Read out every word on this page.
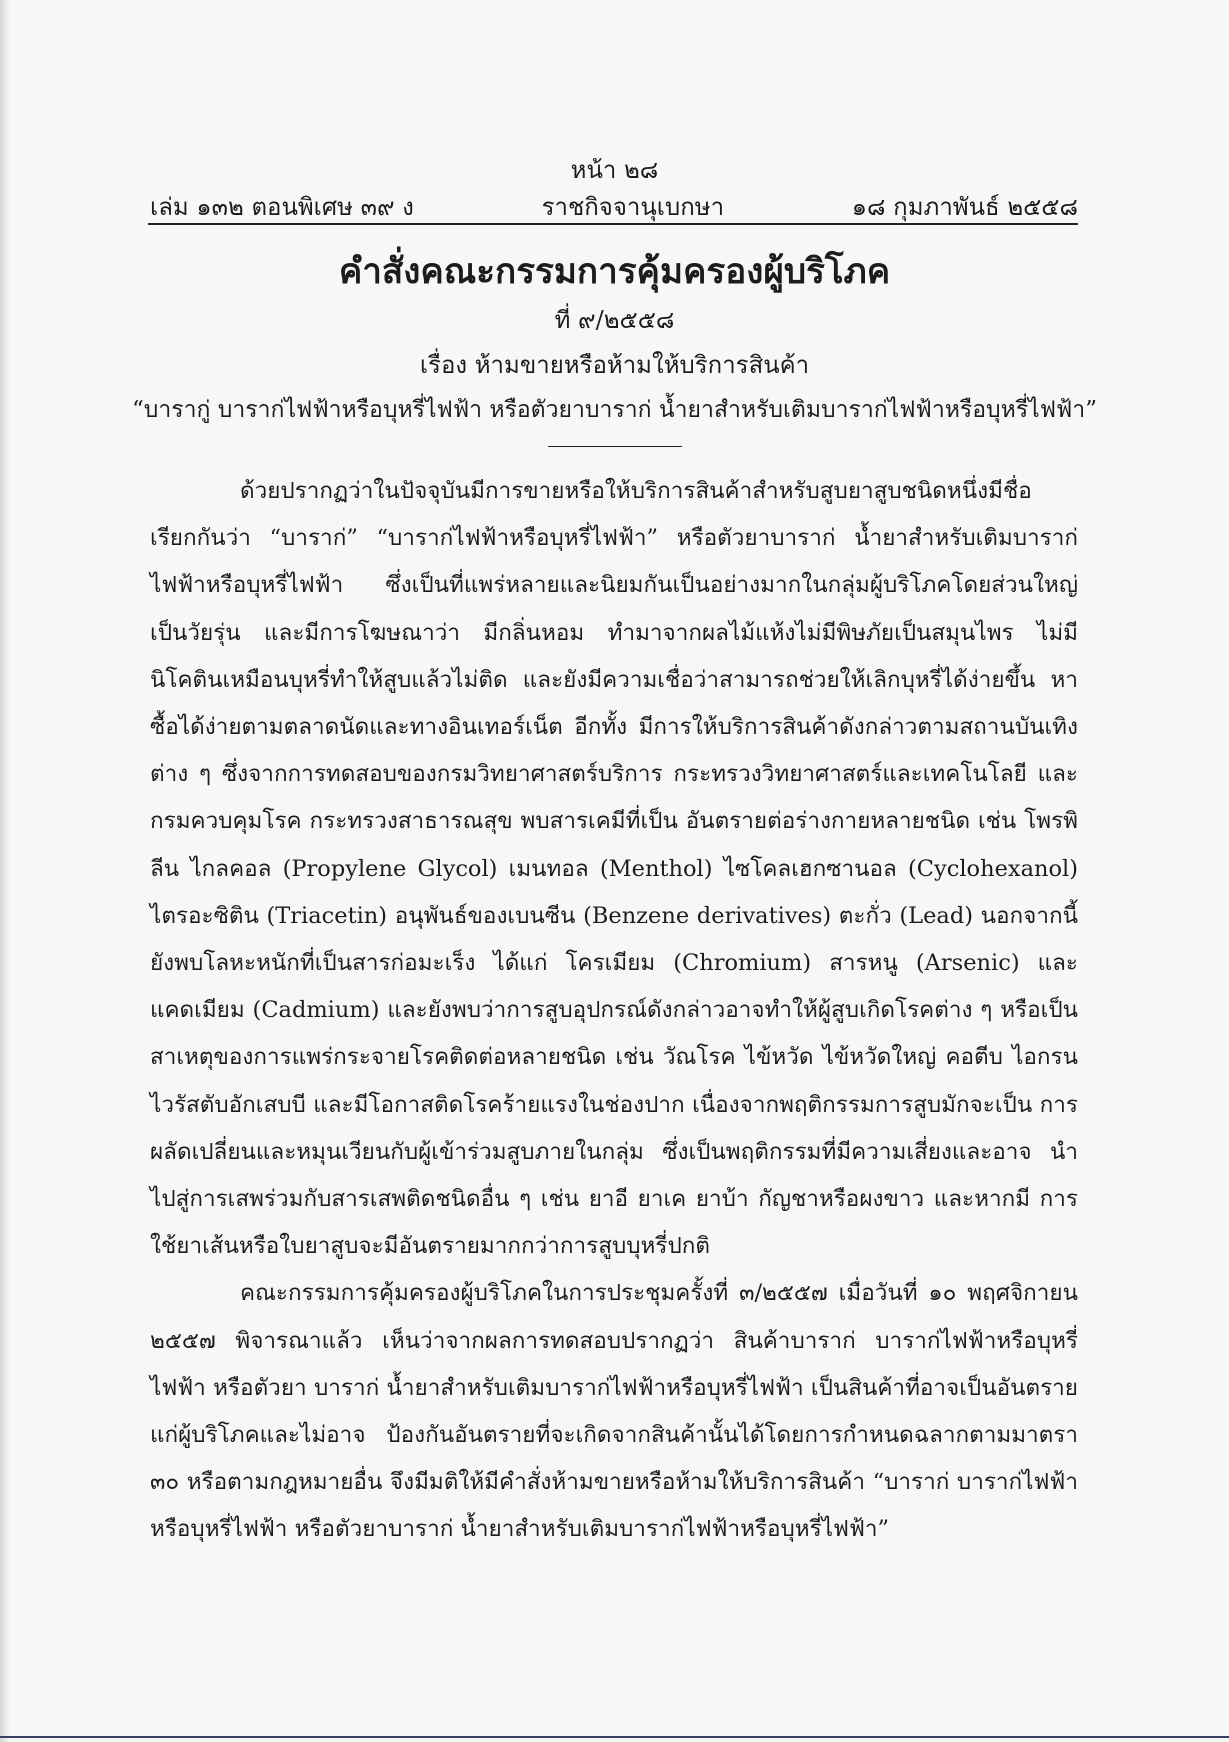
หน้า ๒๘
เล่ม ๑๓๒ ตอนพิเศษ ๓๙ ง	ราชกิจจานุเบกษา	๑๘ กุมภาพันธ์ ๒๕๕๘
คำสั่งคณะกรรมการคุ้มครองผู้บริโภค
ที่ ๙/๒๕๕๘
เรื่อง ห้ามขายหรือห้ามให้บริการสินค้า
“บารากู่ บาราก่ไฟฟ้าหรือบุหรี่ไฟฟ้า หรือตัวยาบาราก่ น้ำยาสำหรับเติมบาราก่ไฟฟ้าหรือบุหรี่ไฟฟ้า”

ด้วยปรากฏว่าในปัจจุบันมีการขายหรือให้บริการสินค้าสำหรับสูบยาสูบชนิดหนึ่งมีชื่อเรียกกันว่า “บาราก่” “บาราก่ไฟฟ้าหรือบุหรี่ไฟฟ้า” หรือตัวยาบาราก่ น้ำยาสำหรับเติมบาราก่ไฟฟ้าหรือบุหรี่ไฟฟ้า ซึ่งเป็นที่แพร่หลายและนิยมกันเป็นอย่างมากในกลุ่มผู้บริโภคโดยส่วนใหญ่เป็นวัยรุ่น และมีการโฆษณาว่า มีกลิ่นหอม ทำมาจากผลไม้แห้งไม่มีพิษภัยเป็นสมุนไพร ไม่มีนิโคตินเหมือนบุหรี่ทำให้สูบแล้วไม่ติด และยังมีความเชื่อว่าสามารถช่วยให้เลิกบุหรี่ได้ง่ายขึ้น หาซื้อได้ง่ายตามตลาดนัดและทางอินเทอร์เน็ต อีกทั้ง มีการให้บริการสินค้าดังกล่าวตามสถานบันเทิงต่าง ๆ ซึ่งจากการทดสอบของกรมวิทยาศาสตร์บริการ กระทรวงวิทยาศาสตร์และเทคโนโลยี และกรมควบคุมโรค กระทรวงสาธารณสุข พบสารเคมีที่เป็น อันตรายต่อร่างกายหลายชนิด เช่น โพรพิลีน ไกลคอล (Propylene Glycol) เมนทอล (Menthol) ไซโคลเฮกซานอล (Cyclohexanol) ไตรอะซิติน (Triacetin) อนุพันธ์ของเบนซีน (Benzene derivatives) ตะกั่ว (Lead) นอกจากนี้ยังพบโลหะหนักที่เป็นสารก่อมะเร็ง ได้แก่ โครเมียม (Chromium) สารหนู (Arsenic) และแคดเมียม (Cadmium) และยังพบว่าการสูบอุปกรณ์ดังกล่าวอาจทำให้ผู้สูบเกิดโรคต่าง ๆ หรือเป็นสาเหตุของการแพร่กระจายโรคติดต่อหลายชนิด เช่น วัณโรค ไข้หวัด ไข้หวัดใหญ่ คอตีบ ไอกรน ไวรัสตับอักเสบบี และมีโอกาสติดโรคร้ายแรงในช่องปาก เนื่องจากพฤติกรรมการสูบมักจะเป็น การผลัดเปลี่ยนและหมุนเวียนกับผู้เข้าร่วมสูบภายในกลุ่ม ซึ่งเป็นพฤติกรรมที่มีความเสี่ยงและอาจ นำไปสู่การเสพร่วมกับสารเสพติดชนิดอื่น ๆ เช่น ยาอี ยาเค ยาบ้า กัญชาหรือผงขาว และหากมี การใช้ยาเส้นหรือใบยาสูบจะมีอันตรายมากกว่าการสูบบุหรี่ปกติ

คณะกรรมการคุ้มครองผู้บริโภคในการประชุมครั้งที่ ๓/๒๕๕๗ เมื่อวันที่ ๑๐ พฤศจิกายน ๒๕๕๗ พิจารณาแล้ว เห็นว่าจากผลการทดสอบปรากฏว่า สินค้าบาราก่ บาราก่ไฟฟ้าหรือบุหรี่ไฟฟ้า หรือตัวยา บาราก่ น้ำยาสำหรับเติมบาราก่ไฟฟ้าหรือบุหรี่ไฟฟ้า เป็นสินค้าที่อาจเป็นอันตรายแก่ผู้บริโภคและไม่อาจ ป้องกันอันตรายที่จะเกิดจากสินค้านั้นได้โดยการกำหนดฉลากตามมาตรา ๓๐ หรือตามกฎหมายอื่น จึงมีมติให้มีคำสั่งห้ามขายหรือห้ามให้บริการสินค้า “บาราก่ บาราก่ไฟฟ้าหรือบุหรี่ไฟฟ้า หรือตัวยาบาราก่ น้ำยาสำหรับเติมบาราก่ไฟฟ้าหรือบุหรี่ไฟฟ้า”
